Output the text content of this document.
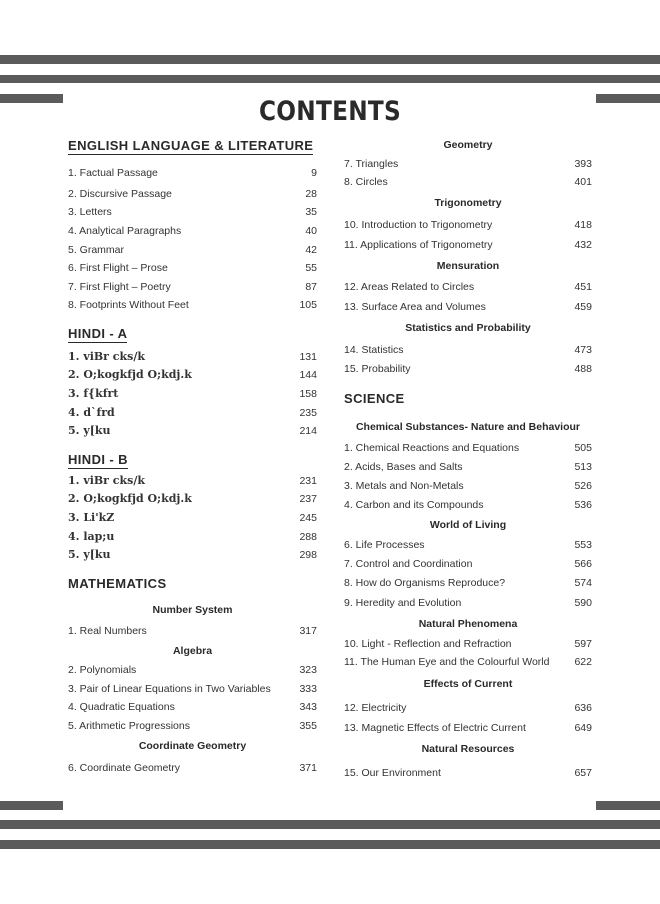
CONTENTS
ENGLISH LANGUAGE & LITERATURE
1. Factual Passage	9
2. Discursive Passage	28
3. Letters	35
4. Analytical Paragraphs	40
5. Grammar	42
6. First Flight – Prose	55
7. First Flight – Poetry	87
8. Footprints Without Feet	105
HINDI - A
1. viBr cks/k	131
2. O;kogkfjd O;kdj.k	144
3. f{kfrt	158
4. d`frd	235
5. y[ku	214
HINDI - B
1. viBr cks/k	231
2. O;kogkfjd O;kdj.k	237
3. Li'kZ	245
4. lap;u	288
5. y[ku	298
MATHEMATICS
Number System
1. Real Numbers	317
Algebra
2. Polynomials	323
3. Pair of Linear Equations in Two Variables	333
4. Quadratic Equations	343
5. Arithmetic Progressions	355
Coordinate Geometry
6. Coordinate Geometry	371
Geometry
7. Triangles	393
8. Circles	401
Trigonometry
10. Introduction to Trigonometry	418
11. Applications of Trigonometry	432
Mensuration
12. Areas Related to Circles	451
13. Surface Area and Volumes	459
Statistics and Probability
14. Statistics	473
15. Probability	488
SCIENCE
Chemical Substances- Nature and Behaviour
1. Chemical Reactions and Equations	505
2. Acids, Bases and Salts	513
3. Metals and Non-Metals	526
4. Carbon and its Compounds	536
World of Living
6. Life Processes	553
7. Control and Coordination	566
8. How do Organisms Reproduce?	574
9. Heredity and Evolution	590
Natural Phenomena
10. Light - Reflection and Refraction	597
11. The Human Eye and the Colourful World 622
Effects of Current
12. Electricity	636
13. Magnetic Effects of Electric Current	649
Natural Resources
15. Our Environment	657
